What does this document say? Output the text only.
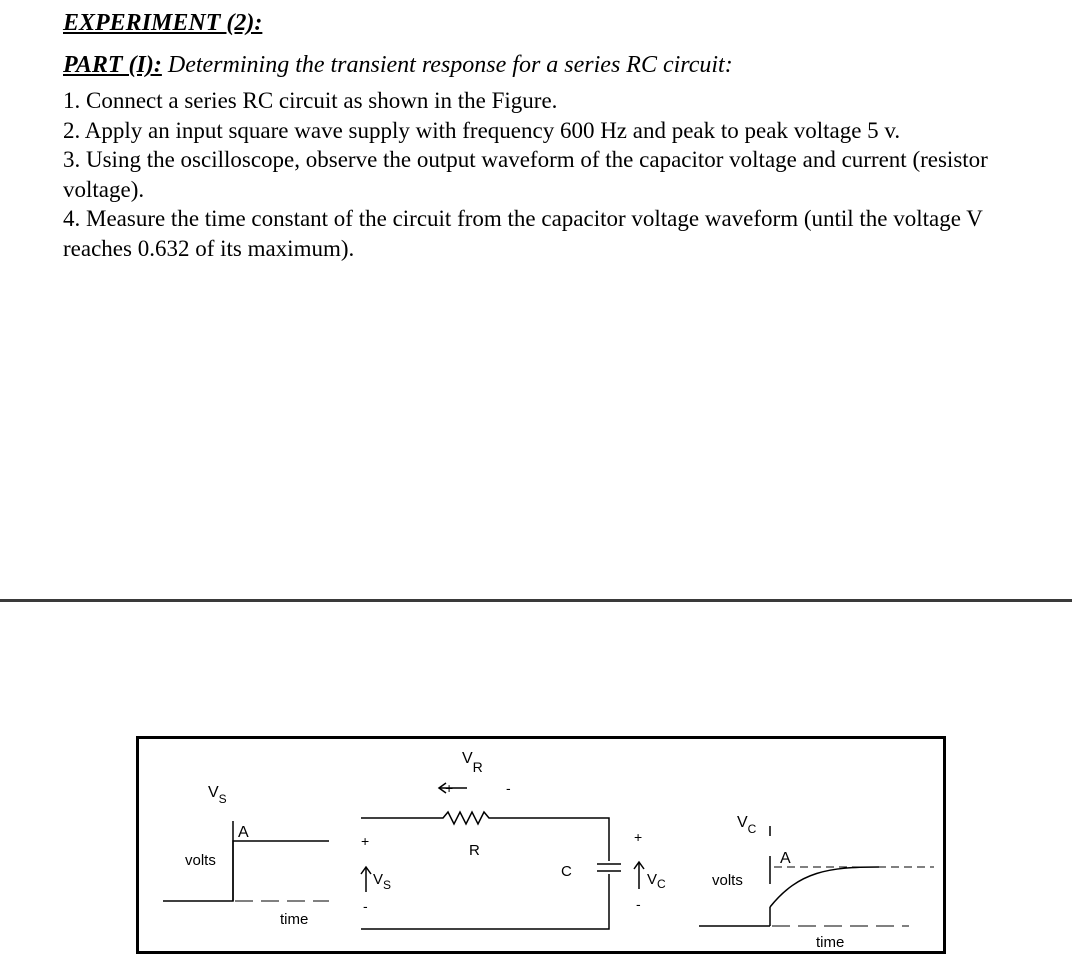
EXPERIMENT (2):

PART (I): Determining the transient response for a series RC circuit:

1. Connect a series RC circuit as shown in the Figure.
2. Apply an input square wave supply with frequency 600 Hz and peak to peak voltage 5 v.
3. Using the oscilloscope, observe the output waveform of the capacitor voltage and current (resistor voltage).
4. Measure the time constant of the circuit from the capacitor voltage waveform (until the voltage V reaches 0.632 of its maximum).
$V_S$
A
volts
time
VR
+	-
R
+
-
$V_S$
C
+
-
$V_C$
$V_C$
A
volts
time
